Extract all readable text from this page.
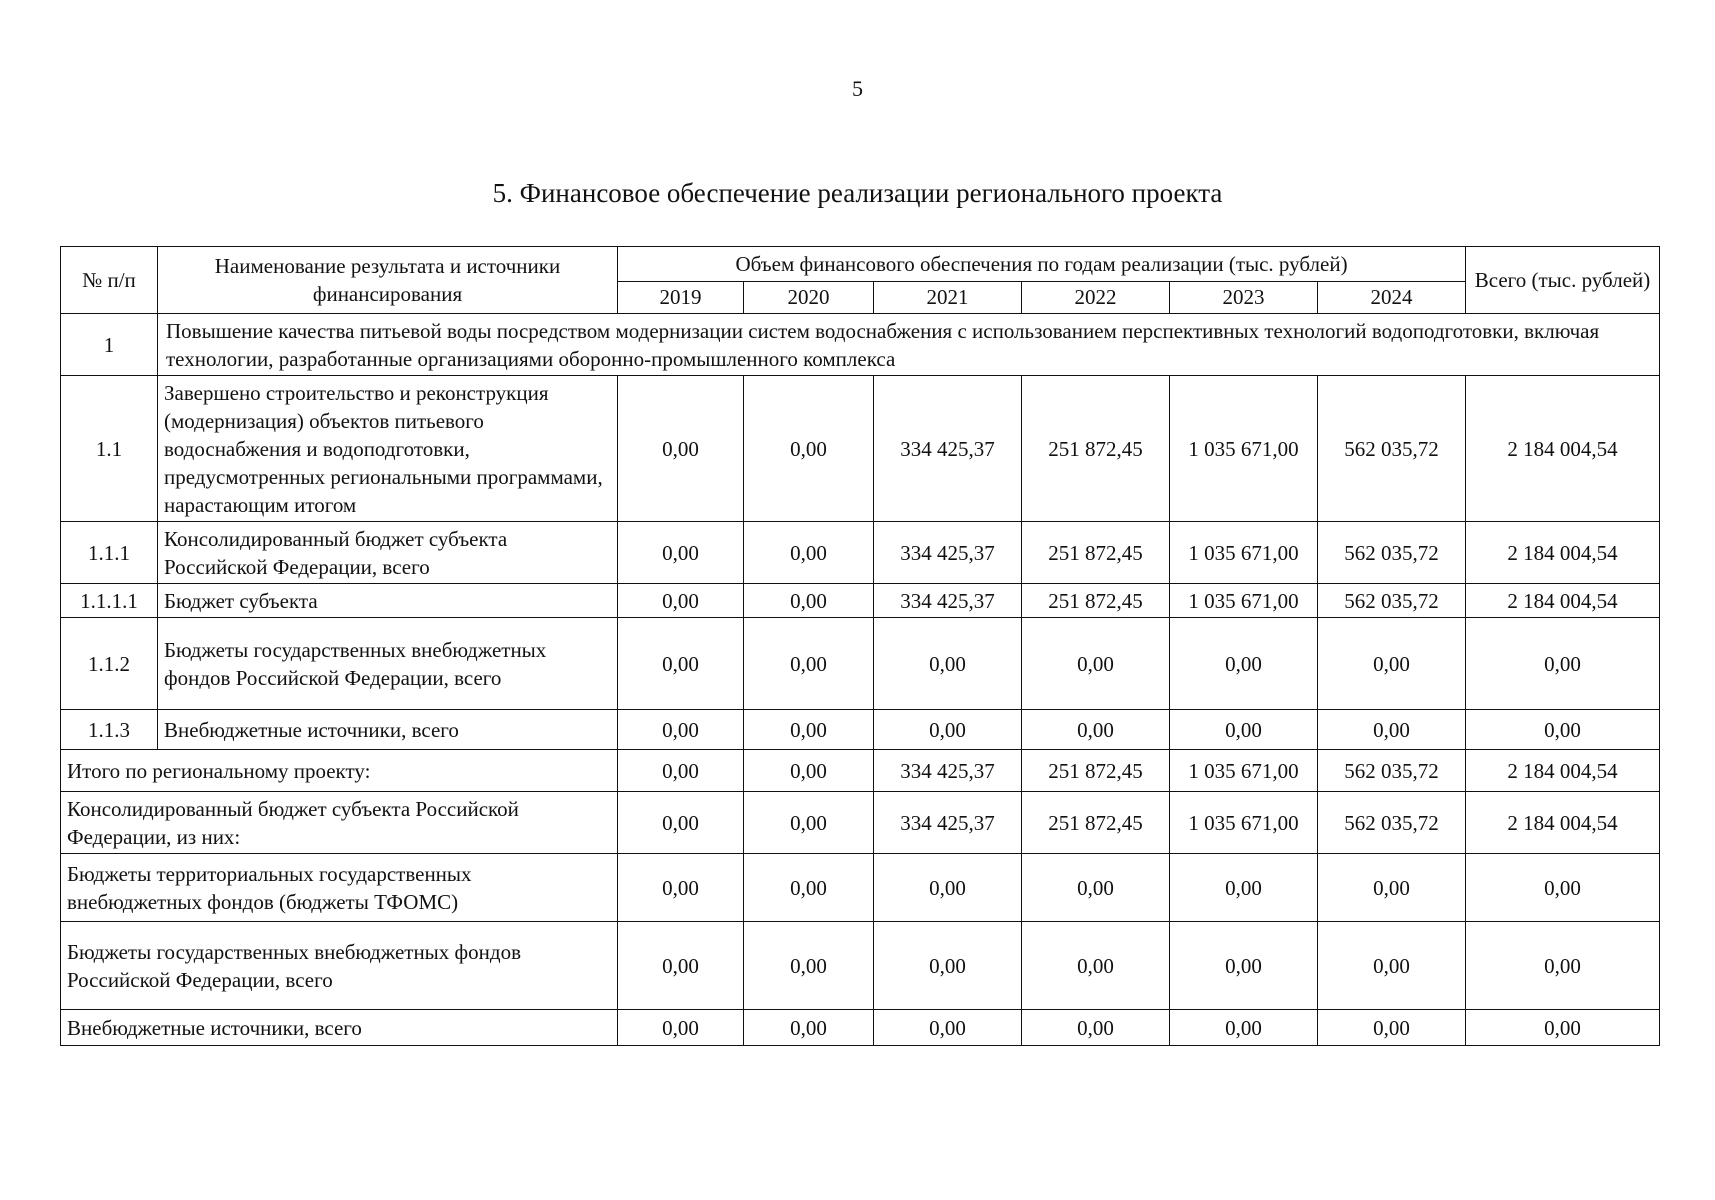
5
5. Финансовое обеспечение реализации регионального проекта
№ п/п	Наименование результата и источники финансирования	Объем финансового обеспечения по годам реализации (тыс. рублей)						Всего (тыс. рублей)
		2019	2020	2021	2022	2023	2024	
1	Повышение качества питьевой воды посредством модернизации систем водоснабжения с использованием перспективных технологий водоподготовки, включая технологии, разработанные организациями оборонно-промышленного комплекса							
1.1	Завершено строительство и реконструкция (модернизация) объектов питьевого водоснабжения и водоподготовки, предусмотренных региональными программами, нарастающим итогом	0,00	0,00	334 425,37	251 872,45	1 035 671,00	562 035,72	2 184 004,54
1.1.1	Консолидированный бюджет субъекта Российской Федерации, всего	0,00	0,00	334 425,37	251 872,45	1 035 671,00	562 035,72	2 184 004,54
1.1.1.1	Бюджет субъекта	0,00	0,00	334 425,37	251 872,45	1 035 671,00	562 035,72	2 184 004,54
1.1.2	Бюджеты государственных внебюджетных фондов Российской Федерации, всего	0,00	0,00	0,00	0,00	0,00	0,00	0,00
1.1.3	Внебюджетные источники, всего	0,00	0,00	0,00	0,00	0,00	0,00	0,00
Итого по региональному проекту:		0,00	0,00	334 425,37	251 872,45	1 035 671,00	562 035,72	2 184 004,54
Консолидированный бюджет субъекта Российской Федерации, из них:		0,00	0,00	334 425,37	251 872,45	1 035 671,00	562 035,72	2 184 004,54
Бюджеты территориальных государственных внебюджетных фондов (бюджеты ТФОМС)		0,00	0,00	0,00	0,00	0,00	0,00	0,00
Бюджеты государственных внебюджетных фондов Российской Федерации, всего		0,00	0,00	0,00	0,00	0,00	0,00	0,00
Внебюджетные источники, всего		0,00	0,00	0,00	0,00	0,00	0,00	0,00
